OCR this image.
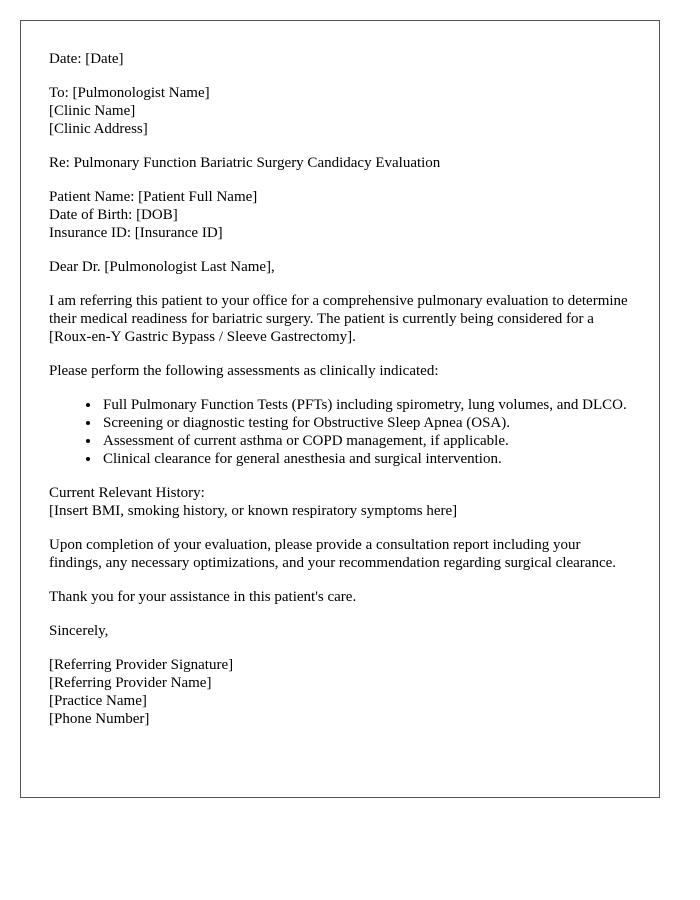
Date: [Date]

To: [Pulmonologist Name]
[Clinic Name]
[Clinic Address]

Re: Pulmonary Function Bariatric Surgery Candidacy Evaluation

Patient Name: [Patient Full Name]
Date of Birth: [DOB]
Insurance ID: [Insurance ID]

Dear Dr. [Pulmonologist Last Name],

I am referring this patient to your office for a comprehensive pulmonary evaluation to determine their medical readiness for bariatric surgery. The patient is currently being considered for a [Roux-en-Y Gastric Bypass / Sleeve Gastrectomy].

Please perform the following assessments as clinically indicated:

• Full Pulmonary Function Tests (PFTs) including spirometry, lung volumes, and DLCO.
• Screening or diagnostic testing for Obstructive Sleep Apnea (OSA).
• Assessment of current asthma or COPD management, if applicable.
• Clinical clearance for general anesthesia and surgical intervention.

Current Relevant History:
[Insert BMI, smoking history, or known respiratory symptoms here]

Upon completion of your evaluation, please provide a consultation report including your findings, any necessary optimizations, and your recommendation regarding surgical clearance.

Thank you for your assistance in this patient's care.

Sincerely,

[Referring Provider Signature]
[Referring Provider Name]
[Practice Name]
[Phone Number]
